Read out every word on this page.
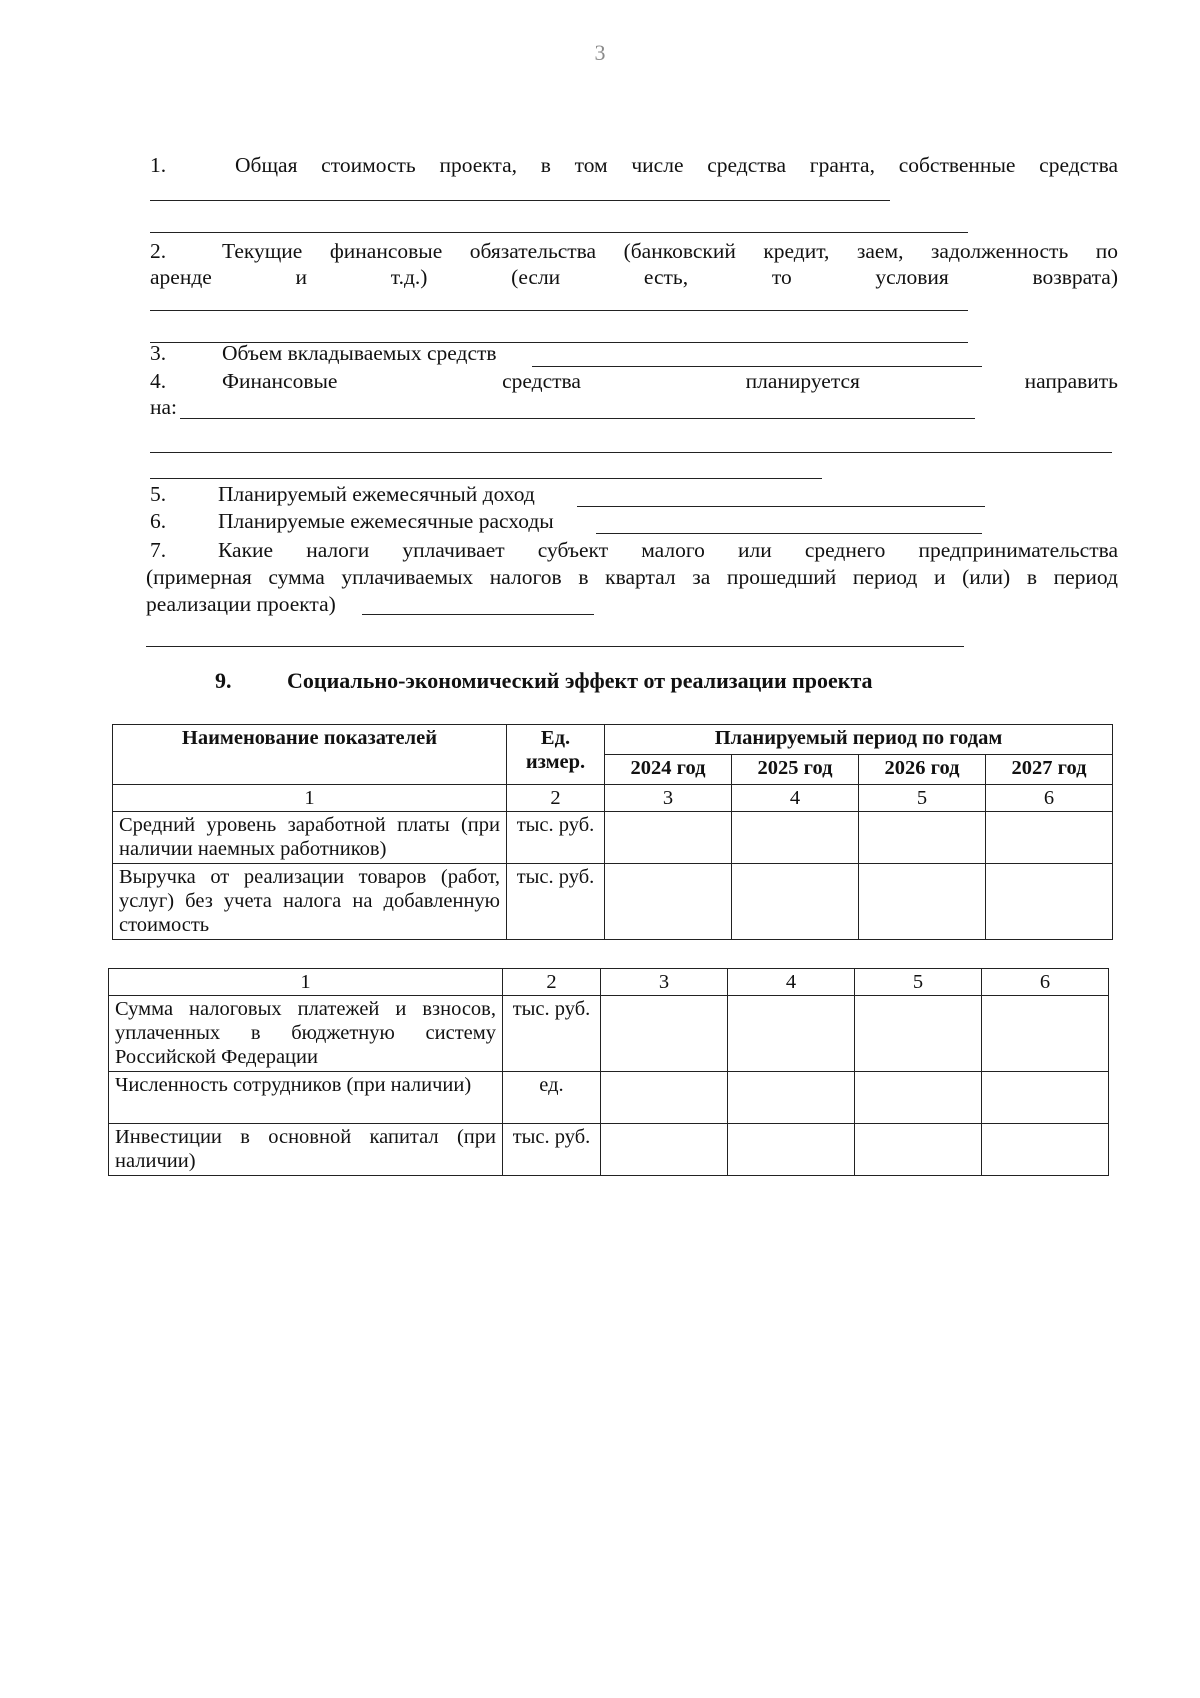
3
1.	Общая стоимость проекта, в том числе средства гранта, собственные средства
2.	Текущие финансовые обязательства (банковский кредит, заем, задолженность по
аренде и т.д.) (если есть, то условия возврата)
3.	Объем вкладываемых средств
4.	Финансовые средства планируется направить
на:
5. Планируемый ежемесячный доход
6. Планируемые ежемесячные расходы
7. Какие налоги уплачивает субъект малого или среднего предпринимательства
(примерная сумма уплачиваемых налогов в квартал за прошедший период и (или) в период
реализации проекта)
9.	Социально-экономический эффект от реализации проекта
Наименование показателей	Ед. измер.	Планируемый период по годам			
		2024 год	2025 год	2026 год	2027 год
1	2	3	4	5	6
Средний уровень заработной платы (при наличии наемных работников)	тыс. руб.				
Выручка от реализации товаров (работ, услуг) без учета налога на добавленную стоимость	тыс. руб.				
1	2	3	4	5	6
Сумма налоговых платежей и взносов, уплаченных в бюджетную систему Российской Федерации	тыс. руб.				
Численность сотрудников (при наличии)	ед.				
Инвестиции в основной капитал (при наличии)	тыс. руб.				
